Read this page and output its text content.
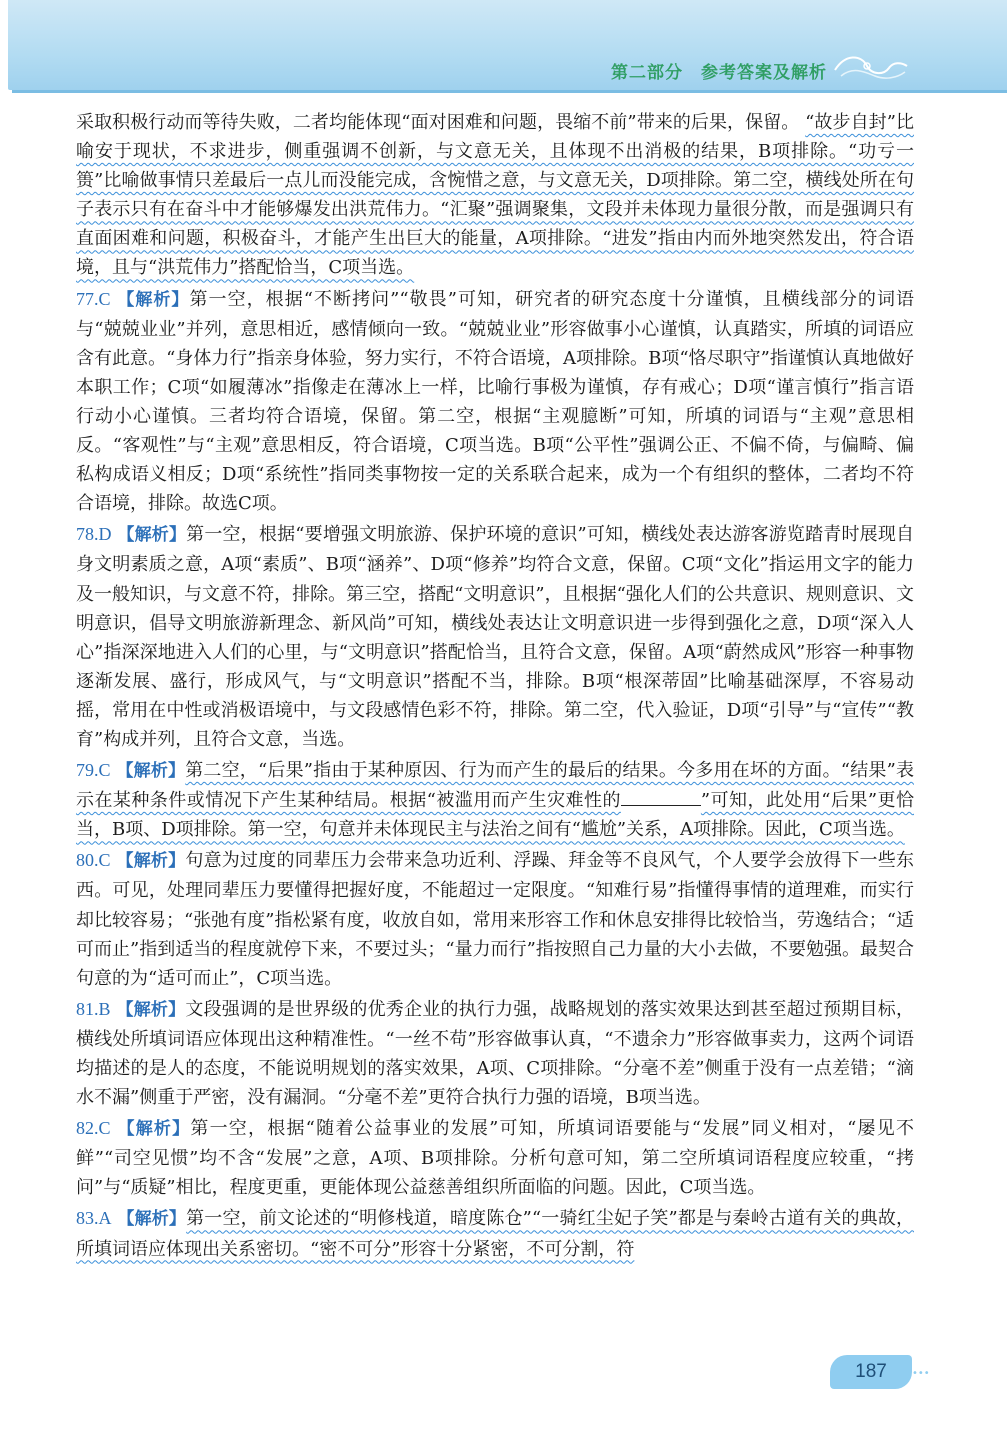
第二部分　参考答案及解析
采取积极行动而等待失败，二者均能体现“面对困难和问题，畏缩不前”带来的后果，保留。 “故步自封”比喻安于现状，不求进步，侧重强调不创新，与文意无关，且体现不出消极的结果，B项排除。“功亏一篑”比喻做事情只差最后一点儿而没能完成，含惋惜之意，与文意无关，D项排除。第二空，横线处所在句子表示只有在奋斗中才能够爆发出洪荒伟力。“汇聚”强调聚集，文段并未体现力量很分散，而是强调只有直面困难和问题，积极奋斗，才能产生出巨大的能量，A项排除。“进发”指由内而外地突然发出，符合语境，且与“洪荒伟力”搭配恰当，C项当选。
77.C 【解析】第一空，根据“不断拷问”“敬畏”可知，研究者的研究态度十分谨慎，且横线部分的词语与“兢兢业业”并列，意思相近，感情倾向一致。“兢兢业业”形容做事小心谨慎，认真踏实，所填的词语应含有此意。“身体力行”指亲身体验，努力实行，不符合语境，A项排除。B项“恪尽职守”指谨慎认真地做好本职工作；C项“如履薄冰”指像走在薄冰上一样，比喻行事极为谨慎，存有戒心；D项“谨言慎行”指言语行动小心谨慎。三者均符合语境，保留。第二空，根据“主观臆断”可知，所填的词语与“主观”意思相反。“客观性”与“主观”意思相反，符合语境，C项当选。B项“公平性”强调公正、不偏不倚，与偏畸、偏私构成语义相反；D项“系统性”指同类事物按一定的关系联合起来，成为一个有组织的整体，二者均不符合语境，排除。故选C项。
78.D 【解析】第一空，根据“要增强文明旅游、保护环境的意识”可知，横线处表达游客游览踏青时展现自身文明素质之意，A项“素质”、B项“涵养”、D项“修养”均符合文意，保留。C项“文化”指运用文字的能力及一般知识，与文意不符，排除。第三空，搭配“文明意识”，且根据“强化人们的公共意识、规则意识、文明意识，倡导文明旅游新理念、新风尚”可知，横线处表达让文明意识进一步得到强化之意，D项“深入人心”指深深地进入人们的心里，与“文明意识”搭配恰当，且符合文意，保留。A项“蔚然成风”形容一种事物逐渐发展、盛行，形成风气，与“文明意识”搭配不当，排除。B项“根深蒂固”比喻基础深厚，不容易动摇，常用在中性或消极语境中，与文段感情色彩不符，排除。第二空，代入验证，D项“引导”与“宣传”“教育”构成并列，且符合文意，当选。
79.C 【解析】第二空，“后果”指由于某种原因、行为而产生的最后的结果。今多用在坏的方面。“结果”表示在某种条件或情况下产生某种结局。根据“被滥用而产生灾难性的	”可知，此处用“后果”更恰当，B项、D项排除。第一空，句意并未体现民主与法治之间有“尴尬”关系，A项排除。因此，C项当选。
80.C 【解析】句意为过度的同辈压力会带来急功近利、浮躁、拜金等不良风气，个人要学会放得下一些东西。可见，处理同辈压力要懂得把握好度，不能超过一定限度。“知难行易”指懂得事情的道理难，而实行却比较容易；“张弛有度”指松紧有度，收放自如，常用来形容工作和休息安排得比较恰当，劳逸结合；“适可而止”指到适当的程度就停下来，不要过头；“量力而行”指按照自己力量的大小去做，不要勉强。最契合句意的为“适可而止”，C项当选。
81.B 【解析】文段强调的是世界级的优秀企业的执行力强，战略规划的落实效果达到甚至超过预期目标，横线处所填词语应体现出这种精准性。“一丝不苟”形容做事认真，“不遗余力”形容做事卖力，这两个词语均描述的是人的态度，不能说明规划的落实效果，A项、C项排除。“分毫不差”侧重于没有一点差错；“滴水不漏”侧重于严密，没有漏洞。“分毫不差”更符合执行力强的语境，B项当选。
82.C 【解析】第一空，根据“随着公益事业的发展”可知，所填词语要能与“发展”同义相对，“屡见不鲜”“司空见惯”均不含“发展”之意，A项、B项排除。分析句意可知，第二空所填词语程度应较重，“拷问”与“质疑”相比，程度更重，更能体现公益慈善组织所面临的问题。因此，C项当选。
83.A 【解析】第一空，前文论述的“明修栈道，暗度陈仓”“一骑红尘妃子笑”都是与秦岭古道有关的典故，所填词语应体现出关系密切。“密不可分”形容十分紧密，不可分割，符
187	•••
